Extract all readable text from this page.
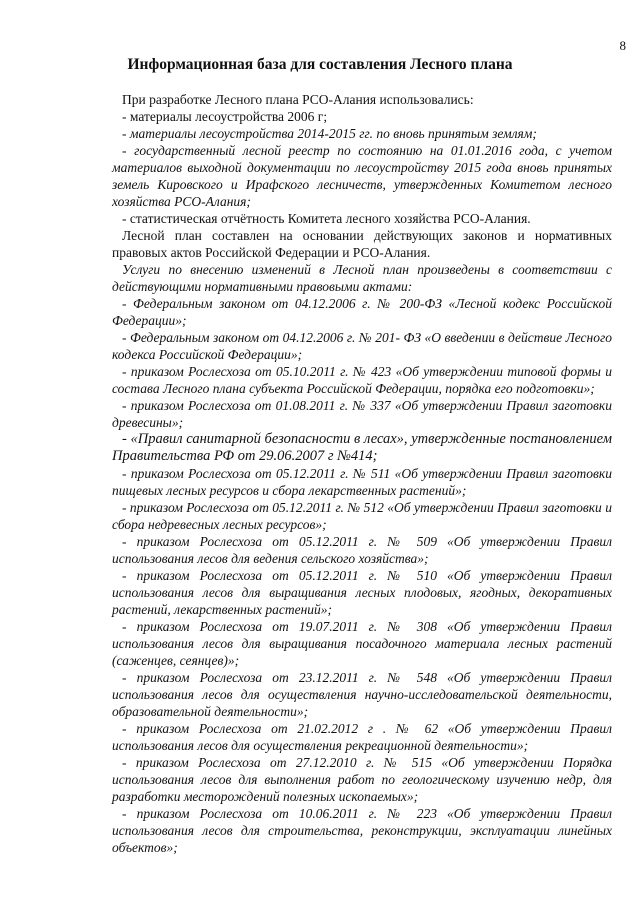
8
Информационная база для составления Лесного плана

При разработке Лесного плана РСО-Алания использовались:

- материалы лесоустройства 2006 г;

- материалы лесоустройства 2014-2015 гг. по вновь принятым землям;

- государственный лесной реестр по состоянию на 01.01.2016 года, с учетом материалов выходной документации по лесоустройству 2015 года вновь принятых земель Кировского и Ирафского лесничеств, утвержденных Комитетом лесного хозяйства РСО-Алания;

- статистическая отчётность Комитета лесного хозяйства РСО-Алания.

Лесной план составлен на основании действующих законов и нормативных правовых актов Российской Федерации и РСО-Алания.

Услуги по внесению изменений в Лесной план произведены в соответствии с действующими нормативными правовыми актами:

- Федеральным законом от 04.12.2006 г. № 200-ФЗ «Лесной кодекс Российской Федерации»;

- Федеральным законом от 04.12.2006 г. № 201- ФЗ «О введении в действие Лесного кодекса Российской Федерации»;

- приказом Рослесхоза от 05.10.2011 г. № 423 «Об утверждении типовой формы и состава Лесного плана субъекта Российской Федерации, порядка его подготовки»;

- приказом Рослесхоза от 01.08.2011 г. № 337 «Об утверждении Правил заготовки древесины»;

- «Правил санитарной безопасности в лесах», утвержденные постановлением Правительства РФ от 29.06.2007 г №414;

- приказом Рослесхоза от 05.12.2011 г. № 511 «Об утверждении Правил заготовки пищевых лесных ресурсов и сбора лекарственных растений»;

- приказом Рослесхоза от 05.12.2011 г. № 512 «Об утверждении Правил заготовки и сбора недревесных лесных ресурсов»;

- приказом Рослесхоза от 05.12.2011 г. № 509 «Об утверждении Правил использования лесов для ведения сельского хозяйства»;

- приказом Рослесхоза от 05.12.2011 г. № 510 «Об утверждении Правил использования лесов для выращивания лесных плодовых, ягодных, декоративных растений, лекарственных растений»;

- приказом Рослесхоза от 19.07.2011 г. № 308 «Об утверждении Правил использования лесов для выращивания посадочного материала лесных растений (саженцев, сеянцев)»;

- приказом Рослесхоза от 23.12.2011 г. № 548 «Об утверждении Правил использования лесов для осуществления научно-исследовательской деятельности, образовательной деятельности»;

- приказом Рослесхоза от 21.02.2012 г . № 62 «Об утверждении Правил использования лесов для осуществления рекреационной деятельности»;

- приказом Рослесхоза от 27.12.2010 г. № 515 «Об утверждении Порядка использования лесов для выполнения работ по геологическому изучению недр, для разработки месторождений полезных ископаемых»;

- приказом Рослесхоза от 10.06.2011 г. № 223 «Об утверждении Правил использования лесов для строительства, реконструкции, эксплуатации линейных объектов»;
